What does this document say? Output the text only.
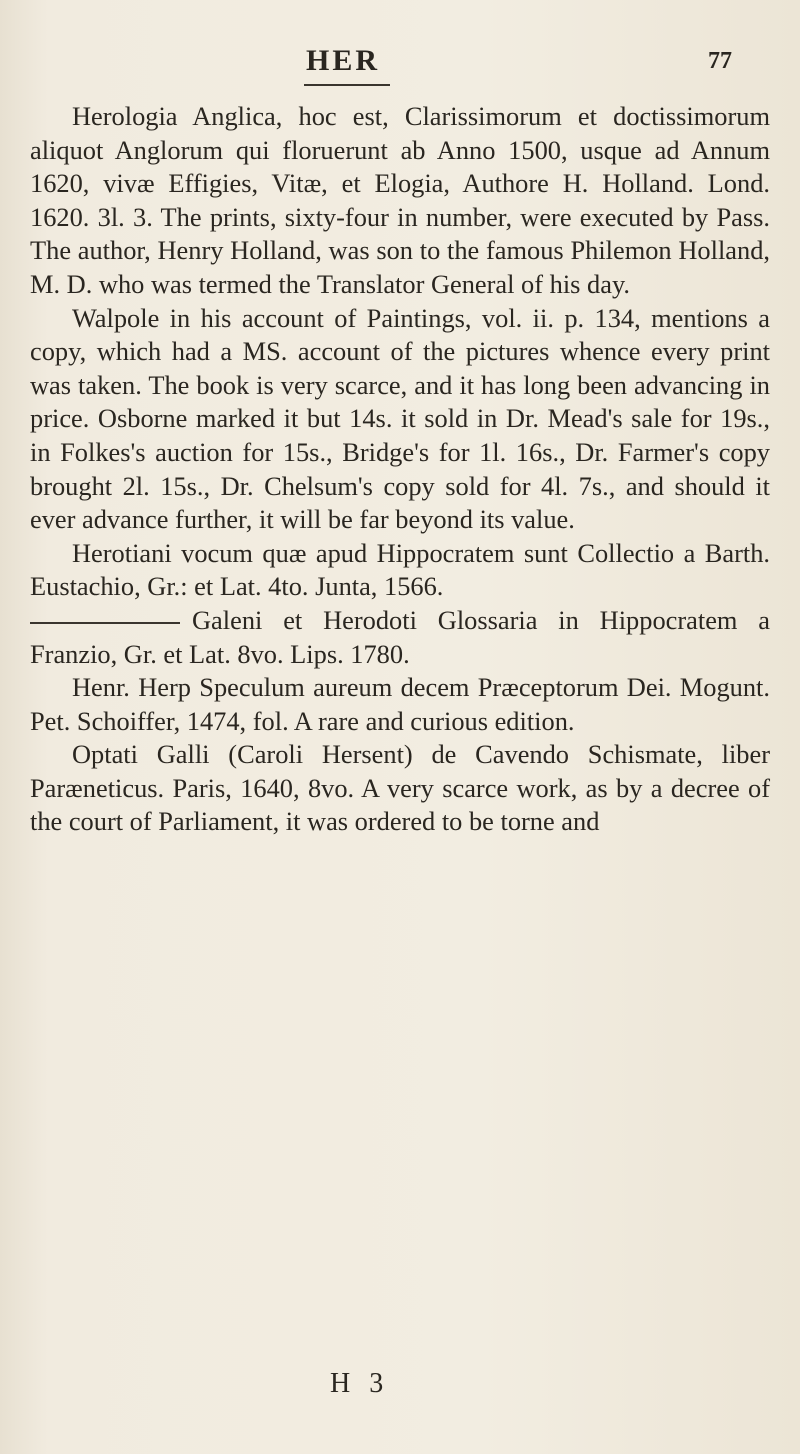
HER	77

Herologia Anglica, hoc est, Clarissimorum et doctissimorum aliquot Anglorum qui floruerunt ab Anno 1500, usque ad Annum 1620, vivæ Effigies, Vitæ, et Elogia, Authore H. Holland. Lond. 1620. 3l. 3. The prints, sixty-four in number, were executed by Pass. The author, Henry Holland, was son to the famous Philemon Holland, M. D. who was termed the Translator General of his day.

Walpole in his account of Paintings, vol. ii. p. 134, mentions a copy, which had a MS. account of the pictures whence every print was taken. The book is very scarce, and it has long been advancing in price. Osborne marked it but 14s. it sold in Dr. Mead's sale for 19s., in Folkes's auction for 15s., Bridge's for 1l. 16s., Dr. Farmer's copy brought 2l. 15s., Dr. Chelsum's copy sold for 4l. 7s., and should it ever advance further, it will be far beyond its value.

Herotiani vocum quæ apud Hippocratem sunt Collectio a Barth. Eustachio, Gr.: et Lat. 4to. Junta, 1566.

Galeni et Herodoti Glossaria in Hippocratem a Franzio, Gr. et Lat. 8vo. Lips. 1780.

Henr. Herp Speculum aureum decem Præceptorum Dei. Mogunt. Pet. Schoiffer, 1474, fol. A rare and curious edition.

Optati Galli (Caroli Hersent) de Cavendo Schismate, liber Paræneticus. Paris, 1640, 8vo. A very scarce work, as by a decree of the court of Parliament, it was ordered to be torne and

H 3
